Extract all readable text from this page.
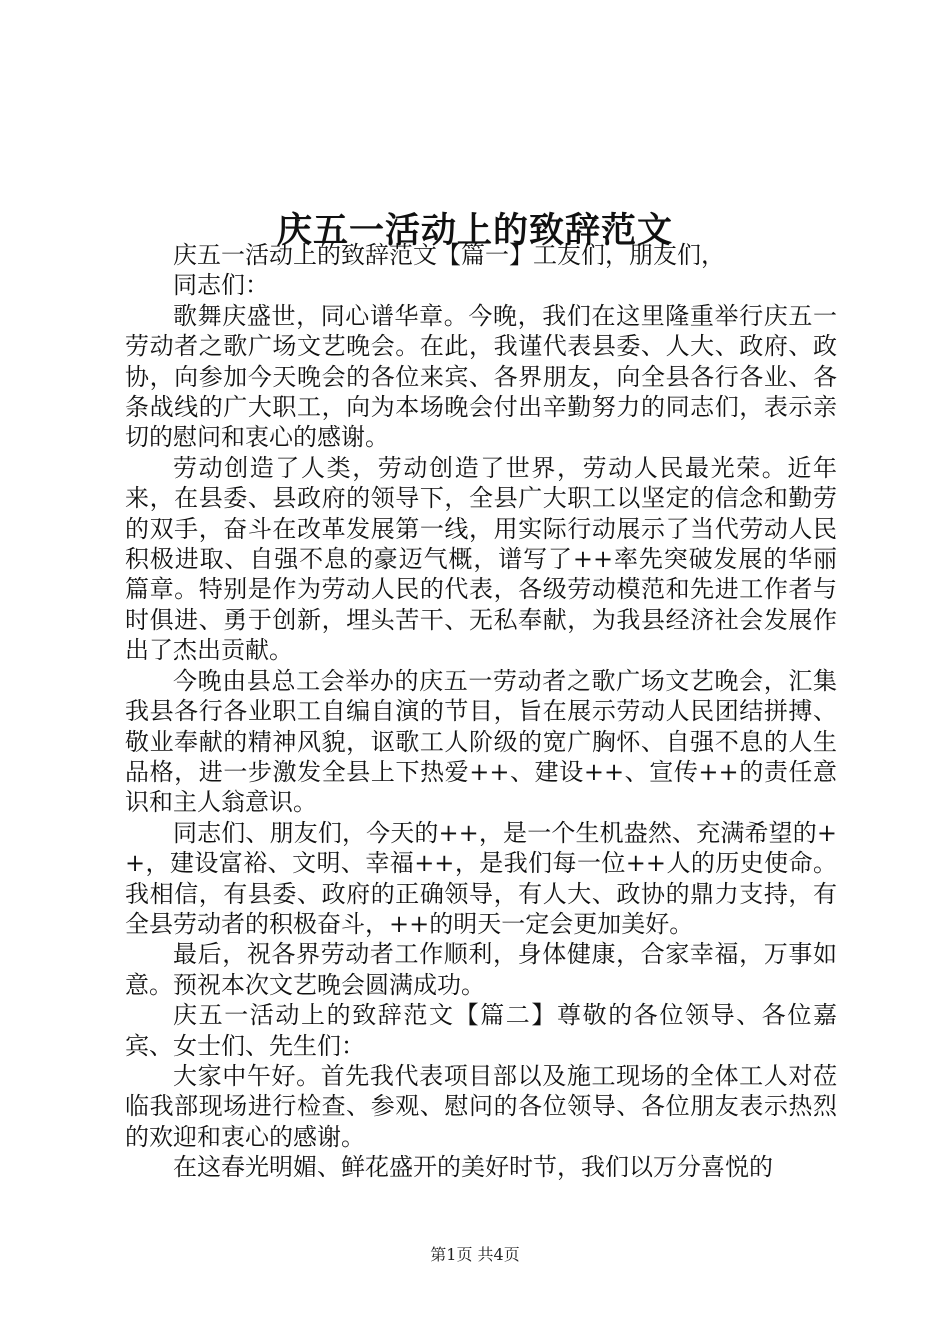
庆五一活动上的致辞范文

庆五一活动上的致辞范文【篇一】工友们，朋友们，

同志们：

歌舞庆盛世，同心谱华章。今晚，我们在这里隆重举行庆五一劳动者之歌广场文艺晚会。在此，我谨代表县委、人大、政府、政协，向参加今天晚会的各位来宾、各界朋友，向全县各行各业、各条战线的广大职工，向为本场晚会付出辛勤努力的同志们，表示亲切的慰问和衷心的感谢。

劳动创造了人类，劳动创造了世界，劳动人民最光荣。近年来，在县委、县政府的领导下，全县广大职工以坚定的信念和勤劳的双手，奋斗在改革发展第一线，用实际行动展示了当代劳动人民积极进取、自强不息的豪迈气概，谱写了++率先突破发展的华丽篇章。特别是作为劳动人民的代表，各级劳动模范和先进工作者与时俱进、勇于创新，埋头苦干、无私奉献，为我县经济社会发展作出了杰出贡献。

今晚由县总工会举办的庆五一劳动者之歌广场文艺晚会，汇集我县各行各业职工自编自演的节目，旨在展示劳动人民团结拼搏、敬业奉献的精神风貌，讴歌工人阶级的宽广胸怀、自强不息的人生品格，进一步激发全县上下热爱++、建设++、宣传++的责任意识和主人翁意识。

同志们、朋友们，今天的++，是一个生机盎然、充满希望的++，建设富裕、文明、幸福++，是我们每一位++人的历史使命。我相信，有县委、政府的正确领导，有人大、政协的鼎力支持，有全县劳动者的积极奋斗，++的明天一定会更加美好。

最后，祝各界劳动者工作顺利，身体健康，合家幸福，万事如意。预祝本次文艺晚会圆满成功。

庆五一活动上的致辞范文【篇二】尊敬的各位领导、各位嘉宾、女士们、先生们：

大家中午好。首先我代表项目部以及施工现场的全体工人对莅临我部现场进行检查、参观、慰问的各位领导、各位朋友表示热烈的欢迎和衷心的感谢。

在这春光明媚、鲜花盛开的美好时节，我们以万分喜悦的

第1页 共4页
